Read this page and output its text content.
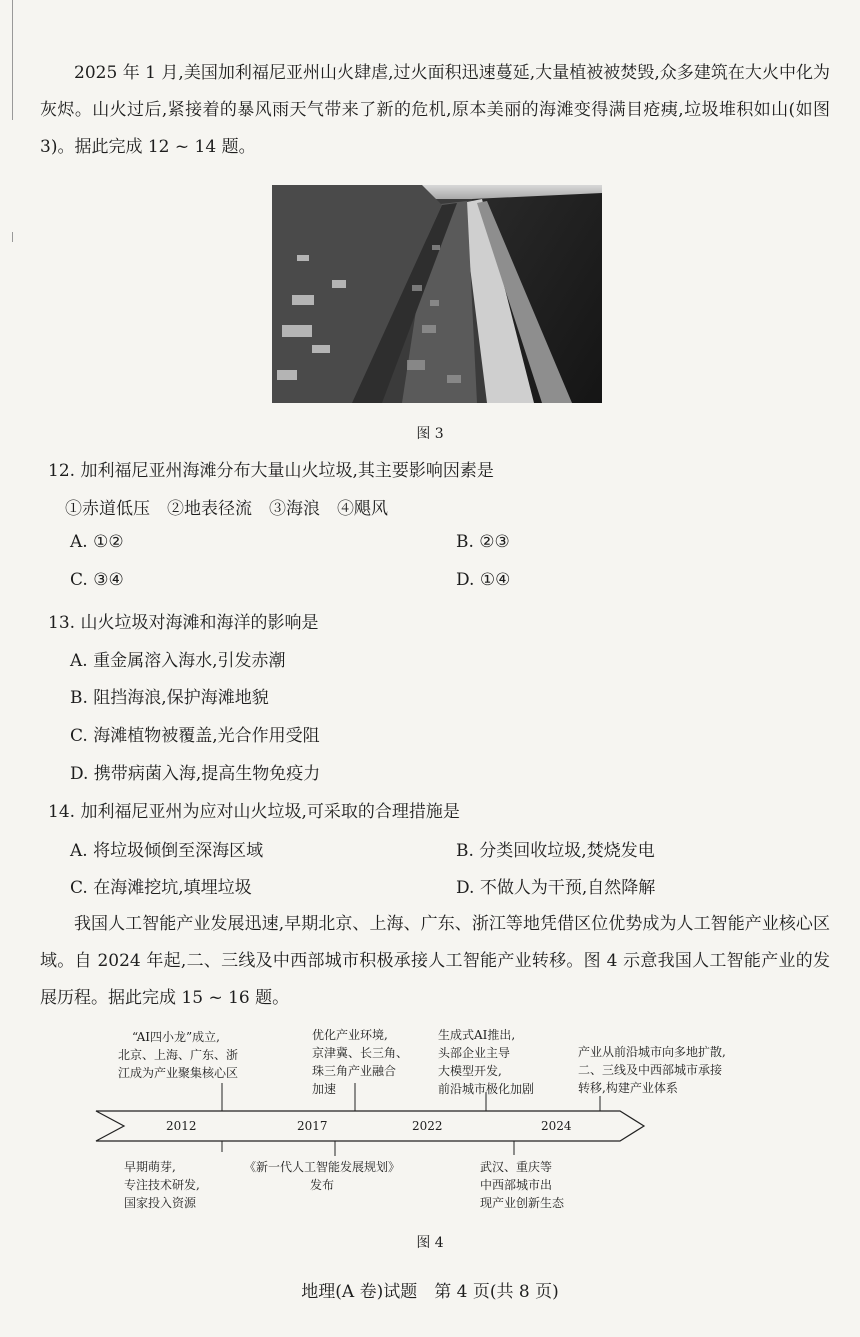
2025 年 1 月,美国加利福尼亚州山火肆虐,过火面积迅速蔓延,大量植被被焚毁,众多建筑在大火中化为灰烬。山火过后,紧接着的暴风雨天气带来了新的危机,原本美丽的海滩变得满目疮痍,垃圾堆积如山(如图 3)。据此完成 12 ~ 14 题。
图 3
12. 加利福尼亚州海滩分布大量山火垃圾,其主要影响因素是
①赤道低压　②地表径流　③海浪　④飓风
A. ①②	B. ②③
C. ③④	D. ①④
13. 山火垃圾对海滩和海洋的影响是
A. 重金属溶入海水,引发赤潮
B. 阻挡海浪,保护海滩地貌
C. 海滩植物被覆盖,光合作用受阻
D. 携带病菌入海,提高生物免疫力
14. 加利福尼亚州为应对山火垃圾,可采取的合理措施是
A. 将垃圾倾倒至深海区域	B. 分类回收垃圾,焚烧发电
C. 在海滩挖坑,填埋垃圾	D. 不做人为干预,自然降解
我国人工智能产业发展迅速,早期北京、上海、广东、浙江等地凭借区位优势成为人工智能产业核心区域。自 2024 年起,二、三线及中西部城市积极承接人工智能产业转移。图 4 示意我国人工智能产业的发展历程。据此完成 15 ~ 16 题。
2012	2017	2022	2024
“AI四小龙”成立,
北京、上海、广东、浙
江成为产业聚集核心区
优化产业环境,
京津冀、长三角、
珠三角产业融合
加速
生成式AI推出,
头部企业主导
大模型开发,
前沿城市极化加剧
产业从前沿城市向多地扩散,
二、三线及中西部城市承接
转移,构建产业体系
早期萌芽,
专注技术研发,
国家投入资源
《新一代人工智能发展规划》
发布
武汉、重庆等
中西部城市出
现产业创新生态
图 4
地理(A 卷)试题　第 4 页(共 8 页)
